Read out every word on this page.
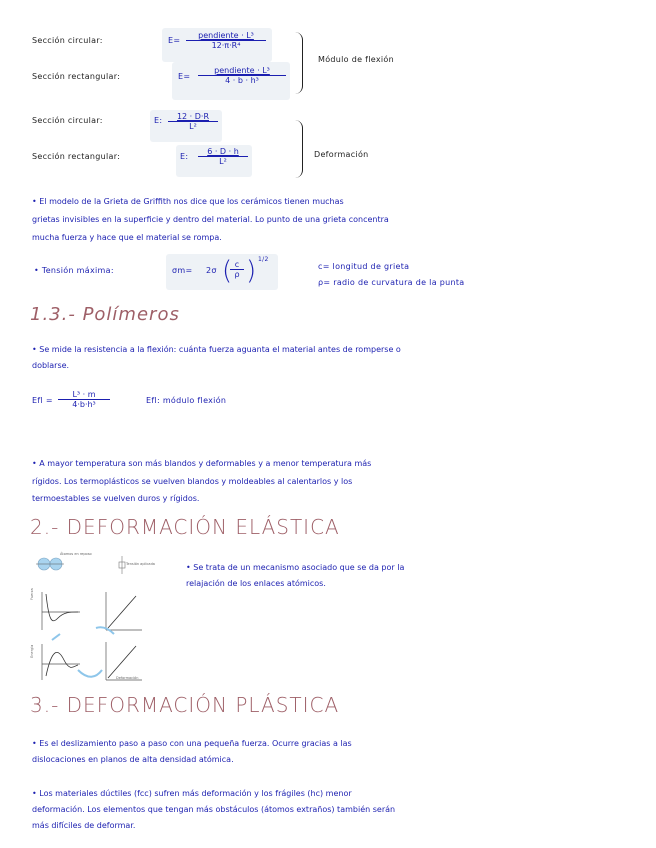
Sección circular:	E=
pendiente · L³
12·π·R⁴
Sección rectangular:	E=
pendiente · L³
4 · b · h³
Módulo de flexión
Sección circular:	E: $\frac{12 \cdot D\cdot R}{\text{L²}}$
Sección rectangular:	E: $\frac{6 \cdot D \cdot h}{\text{L²}}$	Deformación
• El modelo de la Grieta de Griffith nos dice que los cerámicos tienen muchas
grietas invisibles en la superficie y dentro del material. Lo punto de una grieta concentra
mucha fuerza y hace que el material se rompa.
• Tensión máxima:	σm= 2σ (
$\frac{c}{\rho}$ ) 1/2
c= longitud de grieta
ρ= radio de curvatura de la punta
1.3.- Polímeros
• Se mide la resistencia a la flexión: cuánta fuerza aguanta el material antes de romperse o
doblarse.
Efl = $\frac{\text{L³ · m}}{\text{4·b·h³}}$	Efl: módulo flexión
• A mayor temperatura son más blandos y deformables y a menor temperatura más
rígidos. Los termoplásticos se vuelven blandos y moldeables al calentarlos y los
termoestables se vuelven duros y rígidos.
2.- DEFORMACIÓN ELÁSTICA
Átomos en reposo
Tensión aplicada
Fuerza
Energía
Deformación
• Se trata de un mecanismo asociado que se da por la
relajación de los enlaces atómicos.
3.- DEFORMACIÓN PLÁSTICA
• Es el deslizamiento paso a paso con una pequeña fuerza. Ocurre gracias a las
dislocaciones en planos de alta densidad atómica.
• Los materiales dúctiles (fcc) sufren más deformación y los frágiles (hc) menor
deformación. Los elementos que tengan más obstáculos (átomos extraños) también serán
más difíciles de deformar.
